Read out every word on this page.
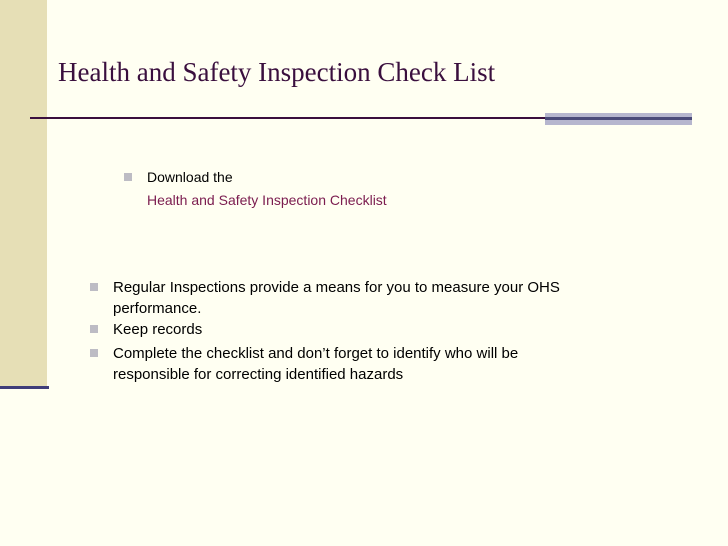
Health and Safety Inspection Check List
Download the
Health and Safety Inspection Checklist
Regular Inspections provide a means for you to measure your OHS
performance.
Keep records
Complete the checklist and don’t forget to identify who will be
responsible for correcting identified hazards
